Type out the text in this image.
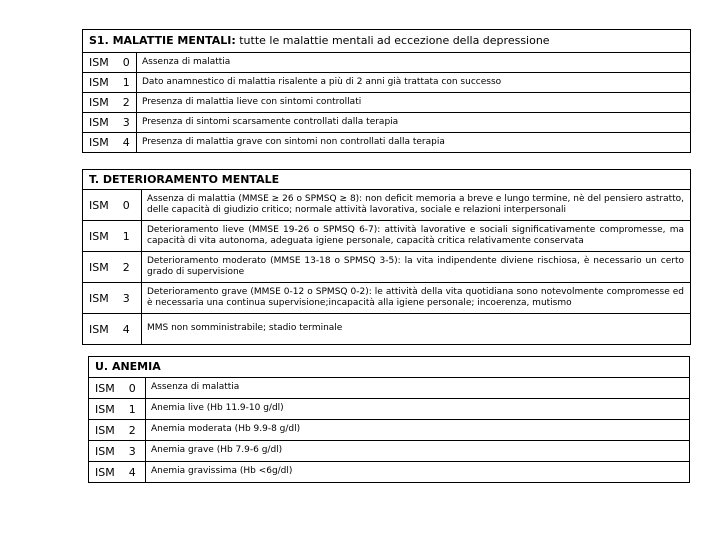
S1. MALATTIE MENTALI: tutte le malattie mentali ad eccezione della depressione	
ISM 0	Assenza di malattia
ISM 1	Dato anamnestico di malattia risalente a più di 2 anni già trattata con successo
ISM 2	Presenza di malattia lieve con sintomi controllati
ISM 3	Presenza di sintomi scarsamente controllati dalla terapia
ISM 4	Presenza di malattia grave con sintomi non controllati dalla terapia
T. DETERIORAMENTO MENTALE	
ISM 0	Assenza di malattia (MMSE ≥ 26 o SPMSQ ≥ 8): non deficit memoria a breve e lungo termine, nè del pensiero astratto, delle capacità di giudizio critico; normale attività lavorativa, sociale e relazioni interpersonali
ISM 1	Deterioramento lieve (MMSE 19-26 o SPMSQ 6-7): attività lavorative e sociali significativamente compromesse, ma capacità di vita autonoma, adeguata igiene personale, capacità critica relativamente conservata
ISM 2	Deterioramento moderato (MMSE 13-18 o SPMSQ 3-5): la vita indipendente diviene rischiosa, è necessario un certo grado di supervisione
ISM 3	Deterioramento grave (MMSE 0-12 o SPMSQ 0-2): le attività della vita quotidiana sono notevolmente compromesse ed è necessaria una continua supervisione;incapacità alla igiene personale; incoerenza, mutismo
ISM 4	MMS non somministrabile; stadio terminale
U. ANEMIA	
ISM 0	Assenza di malattia
ISM 1	Anemia live (Hb 11.9-10 g/dl)
ISM 2	Anemia moderata (Hb 9.9-8 g/dl)
ISM 3	Anemia grave (Hb 7.9-6 g/dl)
ISM 4	Anemia gravissima (Hb <6g/dl)
